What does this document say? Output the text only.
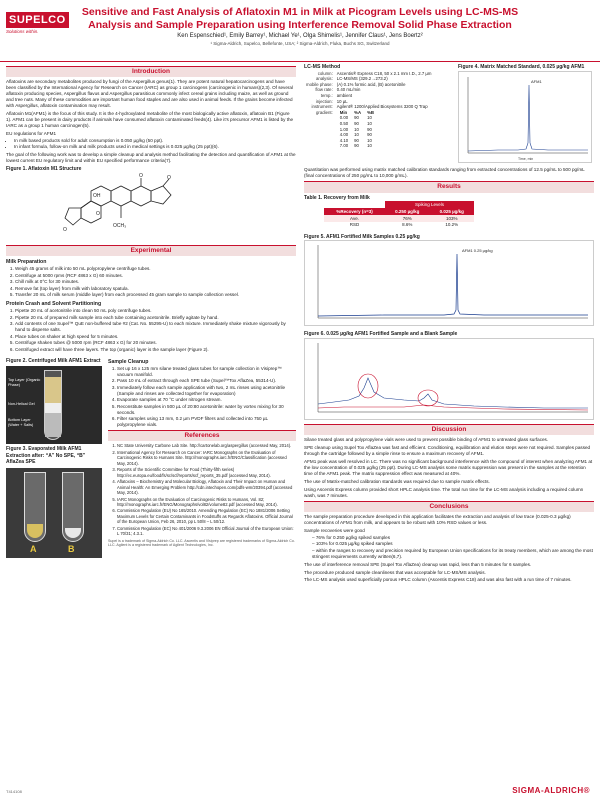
SUPELCO
Solutions within.
Sensitive and Fast Analysis of Aflatoxin M1 in Milk at Picogram Levels using LC-MS-MS Analysis and Sample Preparation using Interference Removal Solid Phase Extraction
Ken Espenschied¹, Emily Barrey¹, Michael Ye¹, Olga Shimelis¹, Jennifer Claus¹, Jens Boertz²
¹ Sigma-Aldrich, Supelco, Bellefonte, USA; ² Sigma-Aldrich, Fluka, Buchs SG, Switzerland
Introduction

Aflatoxins are secondary metabolites produced by fungi of the Aspergillus genus(1). They are potent natural hepatocarcinogens and have been classified by the International Agency for Research on Cancer (IARC) as group 1 carcinogens (carcinogenic in humans)(2,3). Of several aflatoxin producing species, Aspergillus flavus and Aspergillus parasiticus commonly infect cereal grains including maize, as well as ground and tree nuts. Many of these commodities are important human food staples and are also used in animal feeds. If the grains become infected with Aspergillus, aflatoxin contamination may result.

Aflatoxin M1(AFM1) is the focus of this study. It is the 4-hydroxylated metabolite of the most biologically active aflatoxin, aflatoxin B1 (Figure 1). AFM1 can be present in dairy products if animals have consumed aflatoxin contaminated feeds(4). Like it's precursor AFM1 is listed by the IARC as a group 1 human carcinogen(5).

EU regulations for AFM1
• In milk based products sold for adult consumption is 0.050 µg/kg (50 ppt).
• In infant formula, follow-on milk and milk products used in medical settings is 0.025 µg/kg (25 ppt)(6).

The goal of the following work was to develop a simple cleanup and analysis method facilitating the detection and quantification of AFM1 at the lowest current EU regulatory limit and within EU specified performance criteria(7).

Figure 1. Aflatoxin M1 Structure
O	O
OH
O
O
OCH₃
Experimental
Milk Preparation
1. Weigh 45 grams of milk into 50 mL polypropylene centrifuge tubes.
2. Centrifuge at 5000 rpms (RCF 4863 x G) 60 minutes.
3. Chill milk at 0°C for 30 minutes.
4. Remove fat (top layer) from milk with laboratory spatula.
5. Transfer 20 mL of milk serum (middle layer) from each processed 45 gram sample to sample collection vessel.
Protein Crash and Solvent Partitioning
1. Pipette 20 mL of acetonitrile into clean 50 mL poly centrifuge tubes.
2. Pipette 20 mL of prepared milk sample into each tube containing acetonitrile. Briefly agitate by hand.
3. Add contents of one Supel™ QuE non-buffered tube #2 (Cat. No. 55295-U) to each mixture. Immediately shake mixture vigorously by hand to disperse salts.
4. Place tubes on shaker at high speed for 5 minutes.
5. Centrifuge shaken tubes @ 5000 rpm (RCF 4863 x G) for 20 minutes.
6. Centrifuged extract will have three layers. The top (organic) layer is the sample layer (Figure 2).
Figure 2. Centrifuged Milk AFM1 Extract
Top Layer (Organic Phase)
Non-Helical Gel
Bottom Layer (Water + Salts)
Figure 3. Evaporated Milk AFM1 Extraction after: “A” No SPE, “B” AflaZea SPE
A	B
Sample Cleanup
1. Set up 16 x 125 mm silane treated glass tubes for sample collection in Visiprep™ vacuum manifold.
2. Pass 10 mL of extract through each SPE tube (Supel™Tox AflaZea, 55314-U).
3. Immediately follow each sample application with two, 2 mL rinses using acetonitrile (Sample and rinses are collected together for evaporation)
4. Evaporate samples at 70 °C under nitrogen stream.
5. Reconstitute samples in 500 µL of 20:80 acetonitrile: water by vortex mixing for 30 seconds.
6. Filter samples using 13 mm, 0.2 µm PVDF filters and collected into 750 µL polypropylene vials.
References
1. NC State University Carbone Lab Site. http://cartonelab.org/aspergillus (accessed May, 2014).
2. International Agency for Research on Cancer: IARC Monographs on the Evaluation of Carcinogenic Risks to Humans Site. http://monographs.iarc.fr/ENG/Classification (accessed May, 2014).
3. Reports of the Scientific Committee for Food (Thirty-fifth series) http://ec.europa.eu/food/fs/sc/scf/reports/scf_reports_35.pdf (accessed May, 2014).
4. Aflatoxins – Biochemistry and Molecular Biology, Aflatoxin and Their Impact on Human and Animal Health: An Emerging Problem http://cdn.intechopen.com/pdfs-wm/20394.pdf (accessed May, 2014).
5. IARC Monographs on the Evaluation of Carcinogenic Risks to Humans, Vol. 82; http://monographs.iarc.fr/ENG/Monographs/vol82/volume82.pdf (accessed May, 2014).
6. Commission Regulation (EU) No 165/2010. Amending Regulation (EC) No 1881/2006 Setting Maximum Levels for Certain Contaminants in Foodstuffs as Regards Aflatoxins. Official Journal of the European Union, Feb 26, 2010, pp L 50/8 – L 50/12.
7. Commission Regulation (EC) No 401/2006 9.3.2006 EN Official Journal of the European Union: L 70/31; 4.3.1.
Supel is a trademark of Sigma-Aldrich Co. LLC. Ascentis and Visiprep are registered trademarks of Sigma-Aldrich Co. LLC. Agilent is a registered trademark of Agilent Technologies, Inc.
LC-MS Method
column:	Ascentis® Express C18, 50 x 2.1 mm I.D., 2.7 µm
analysis:	LC-MS/MS (329.2→273.2)
mobile phase:	(A) 0.1% formic acid, (B) acetonitrile
flow rate:	0.40 mL/min
temp.:	ambient
injection:	10 µL
instrument:	Agilent® 1200/Applied Biosystems 3200 Q Trap
gradient:	Min	%A	%B
0.00	90	10
0.50	90	10
1.00	10	90
4.00	10	90
4.10	90	10
7.00	90	10
Figure 4. Matrix Matched Standard, 0.025 µg/kg AFM1
AFM1
Time, min

Quantitation was performed using matrix matched calibration standards ranging from extracted concentrations of 12.5 pg/mL to 500 pg/mL (final concentrations of 250 pg/mL to 10,000 g/mL).

Results
Table 1. Recovery from Milk
	Spiking Levels	
%Recovery (n=3)	0.250 µg/kg	0.025 µg/kg
Ave.	76%	103%
RSD	8.6%	10.2%
Figure 5. AFM1 Fortified Milk Samples 0.25 µg/kg
AFM1 0.25 µg/kg
Figure 6. 0.025 µg/kg AFM1 Fortified Sample and a Blank Sample
Discussion

Silane treated glass and polypropylene vials were used to prevent possible binding of AFM1 to untreated glass surfaces.

SPE cleanup using Supel Tox AflaZea was fast and efficient. Conditioning, equilibration and elution steps were not required. Samples passed through the cartridge followed by a simple rinse to ensure a maximum recovery of AFM1.

AFM1 peak was well resolved in LC. There was no significant background interference with the compound of interest when analyzing AFM1 at the low concentration of 0.025 µg/kg (25 ppt). During LC-MS analysis some matrix suppression was present in the samples at the retention time of the AFM1 peak. The matrix suppression effect was measured at 40%.

The use of Matrix-matched calibration standards was required due to sample matrix effects.

Using Ascentis Express column provided short HPLC analysis time. The total run time for the LC-MS analysis including a required column wash, was 7 minutes.

Conclusions

The sample preparation procedure developed in this application facilitates the extraction and analysis of low trace (0.025-0.3 µg/kg) concentrations of AFM1 from milk, and appears to be robust with 10% RSD values or less.

Sample recoveries were good
– 76% for 0.250 µg/kg spiked samples
– 103% for 0.025 µg/kg spiked samples
– within the ranges to recovery and precision required by European Union specifications for its treaty members, which are among the most stringent requirements currently written(6,7).

The use of interference removal SPE (Supel Tox AflaZea) cleanup was rapid, less than 5 minutes for 6 samples.

The procedure produced sample cleanliness that was acceptable for LC-MS/MS analysis.

The LC-MS analysis used superficially porous HPLC column (Ascentis Express C18) and was also fast with a run time of 7 minutes.

T414108	SIGMA-ALDRICH®
